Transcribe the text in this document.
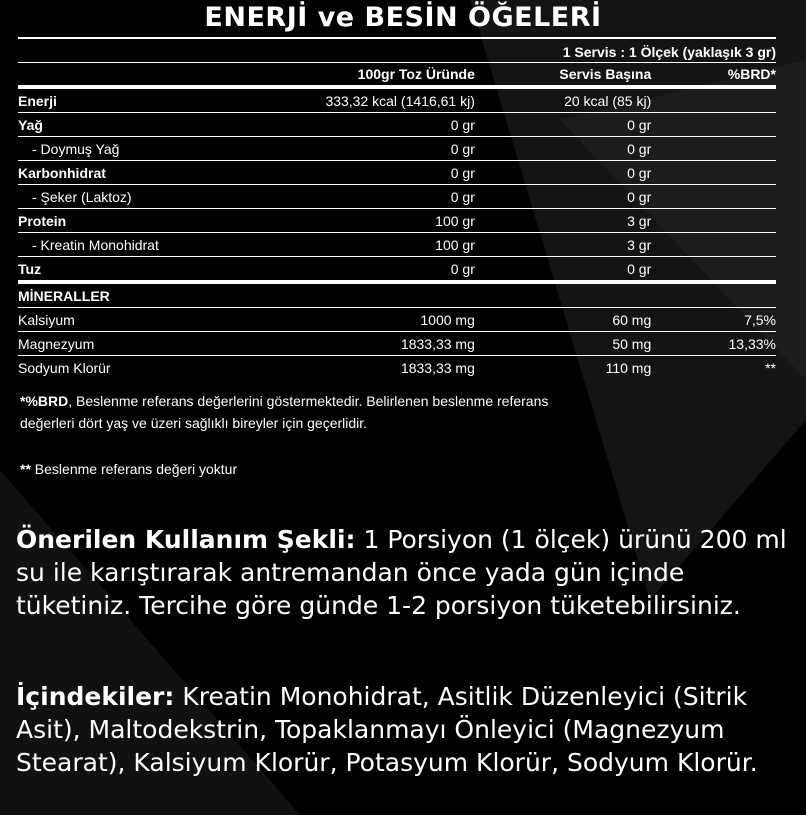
ENERJİ ve BESİN ÖĞELERİ

1 Servis : 1 Ölçek (yaklaşık 3 gr)			
	100gr Toz Üründe	Servis Başına	%BRD*
Enerji	333,32 kcal (1416,61 kj)	20 kcal (85 kj)	
Yağ	0 gr	0 gr	
- Doymuş Yağ	0 gr	0 gr	
Karbonhidrat	0 gr	0 gr	
- Şeker (Laktoz)	0 gr	0 gr	
Protein	100 gr	3 gr	
- Kreatin Monohidrat	100 gr	3 gr	
Tuz	0 gr	0 gr	
MİNERALLER			
Kalsiyum	1000 mg	60 mg	7,5%
Magnezyum	1833,33 mg	50 mg	13,33%
Sodyum Klorür	1833,33 mg	110 mg	**

*%BRD, Beslenme referans değerlerini göstermektedir. Belirlenen beslenme referans

değerleri dört yaş ve üzeri sağlıklı bireyler için geçerlidir.

** Beslenme referans değeri yoktur

Önerilen Kullanım Şekli: 1 Porsiyon (1 ölçek) ürünü 200 ml su ile karıştırarak antremandan önce yada gün içinde tüketiniz. Tercihe göre günde 1-2 porsiyon tüketebilirsiniz.
İçindekiler: Kreatin Monohidrat, Asitlik Düzenleyici (Sitrik Asit), Maltodekstrin, Topaklanmayı Önleyici (Magnezyum Stearat), Kalsiyum Klorür, Potasyum Klorür, Sodyum Klorür.
